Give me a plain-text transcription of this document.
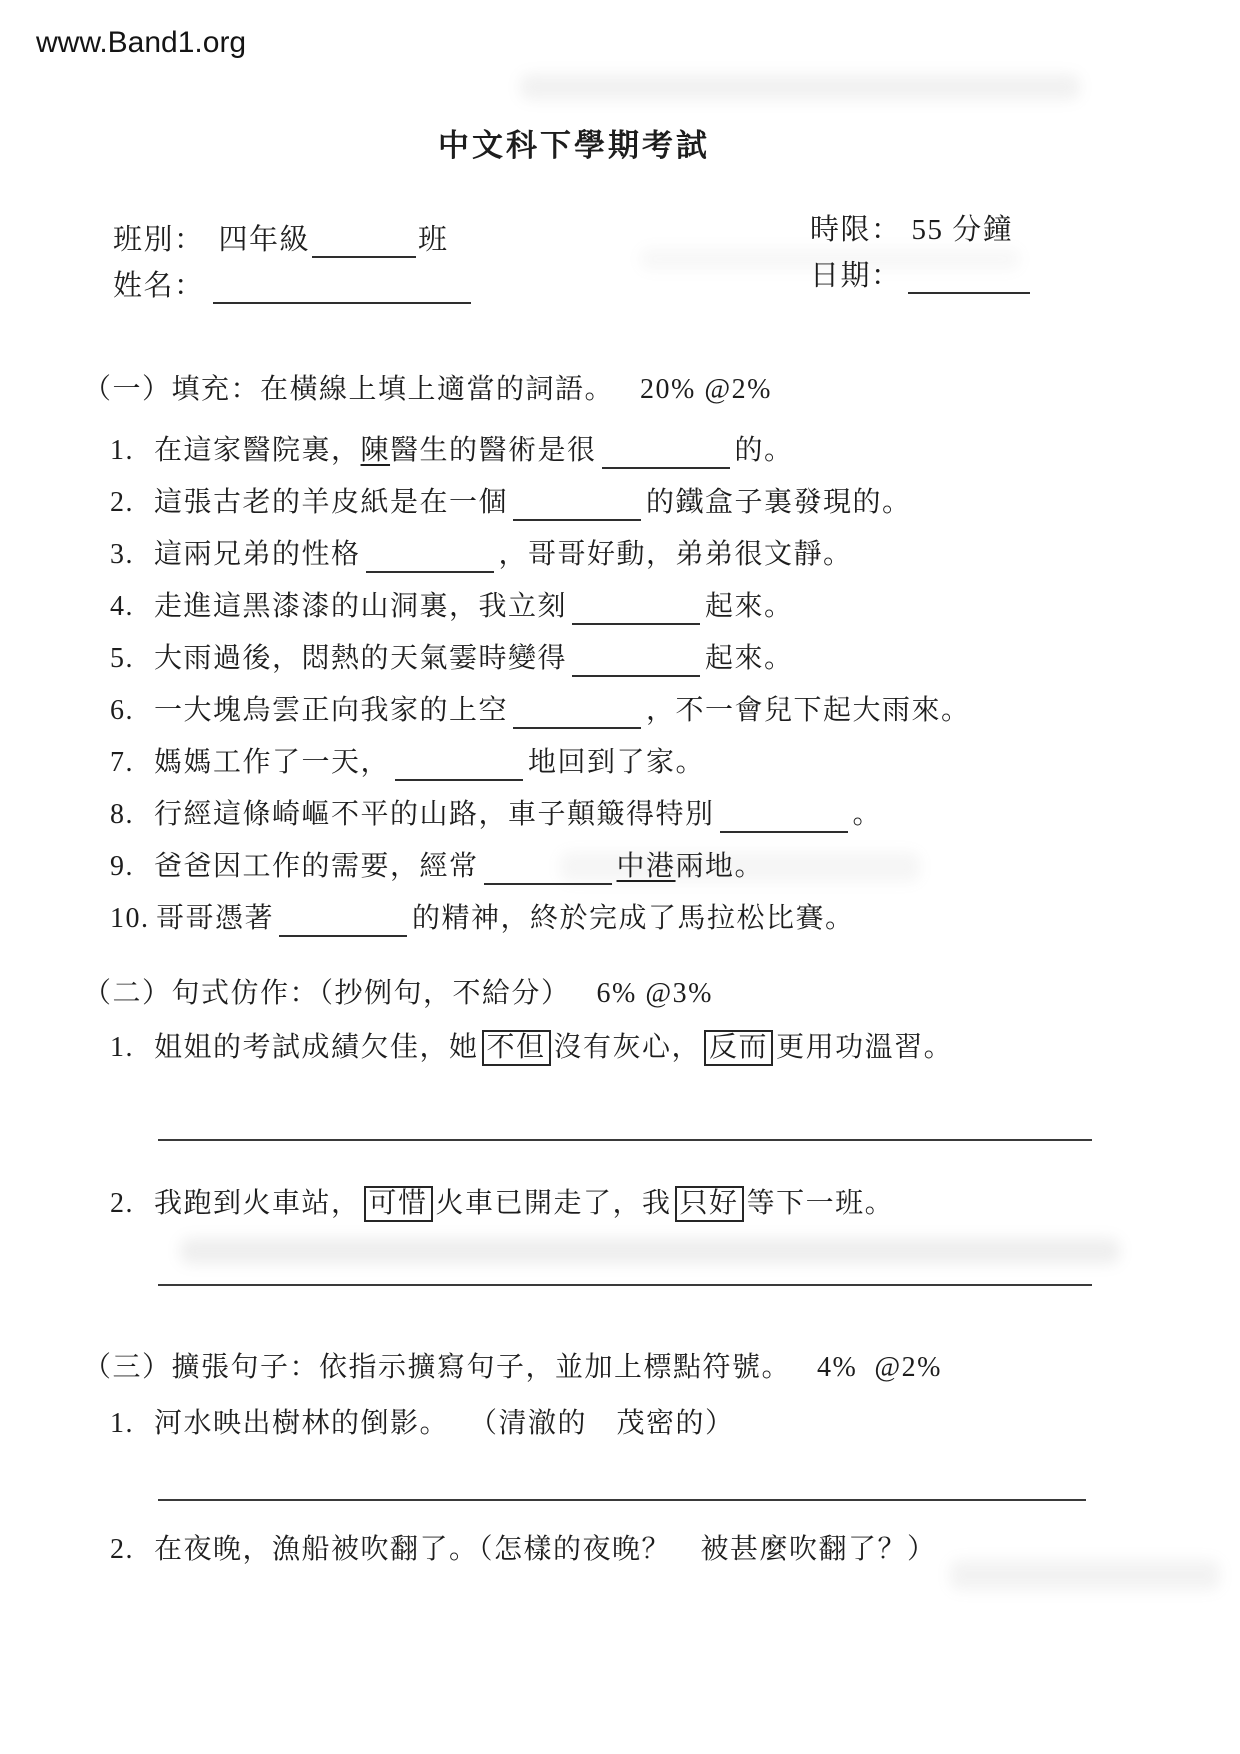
www.Band1.org
中文科下學期考試
班別： 四年級	班
姓名：
時限： 55 分鐘
日期：
（一）填充：在橫線上填上適當的詞語。 20% @2%
1. 在這家醫院裏，陳醫生的醫術是很	的。
2. 這張古老的羊皮紙是在一個	的鐵盒子裏發現的。
3. 這兩兄弟的性格	，哥哥好動，弟弟很文靜。
4. 走進這黑漆漆的山洞裏，我立刻	起來。
5. 大雨過後，悶熱的天氣霎時變得	起來。
6. 一大塊烏雲正向我家的上空	，不一會兒下起大雨來。
7. 媽媽工作了一天，	地回到了家。
8. 行經這條崎嶇不平的山路，車子顛簸得特別	。
9. 爸爸因工作的需要，經常	中港兩地。
10. 哥哥憑著	的精神，終於完成了馬拉松比賽。
（二）句式仿作：（抄例句，不給分） 6% @3%
1. 姐姐的考試成績欠佳，她 不但 沒有灰心， 反而 更用功溫習。
2. 我跑到火車站， 可惜 火車已開走了，我 只好 等下一班。
（三）擴張句子：依指示擴寫句子，並加上標點符號。 4%  @2%
1. 河水映出樹林的倒影。 （清澈的　茂密的）
2. 在夜晚，漁船被吹翻了。（怎樣的夜晚？　被甚麼吹翻了？）
